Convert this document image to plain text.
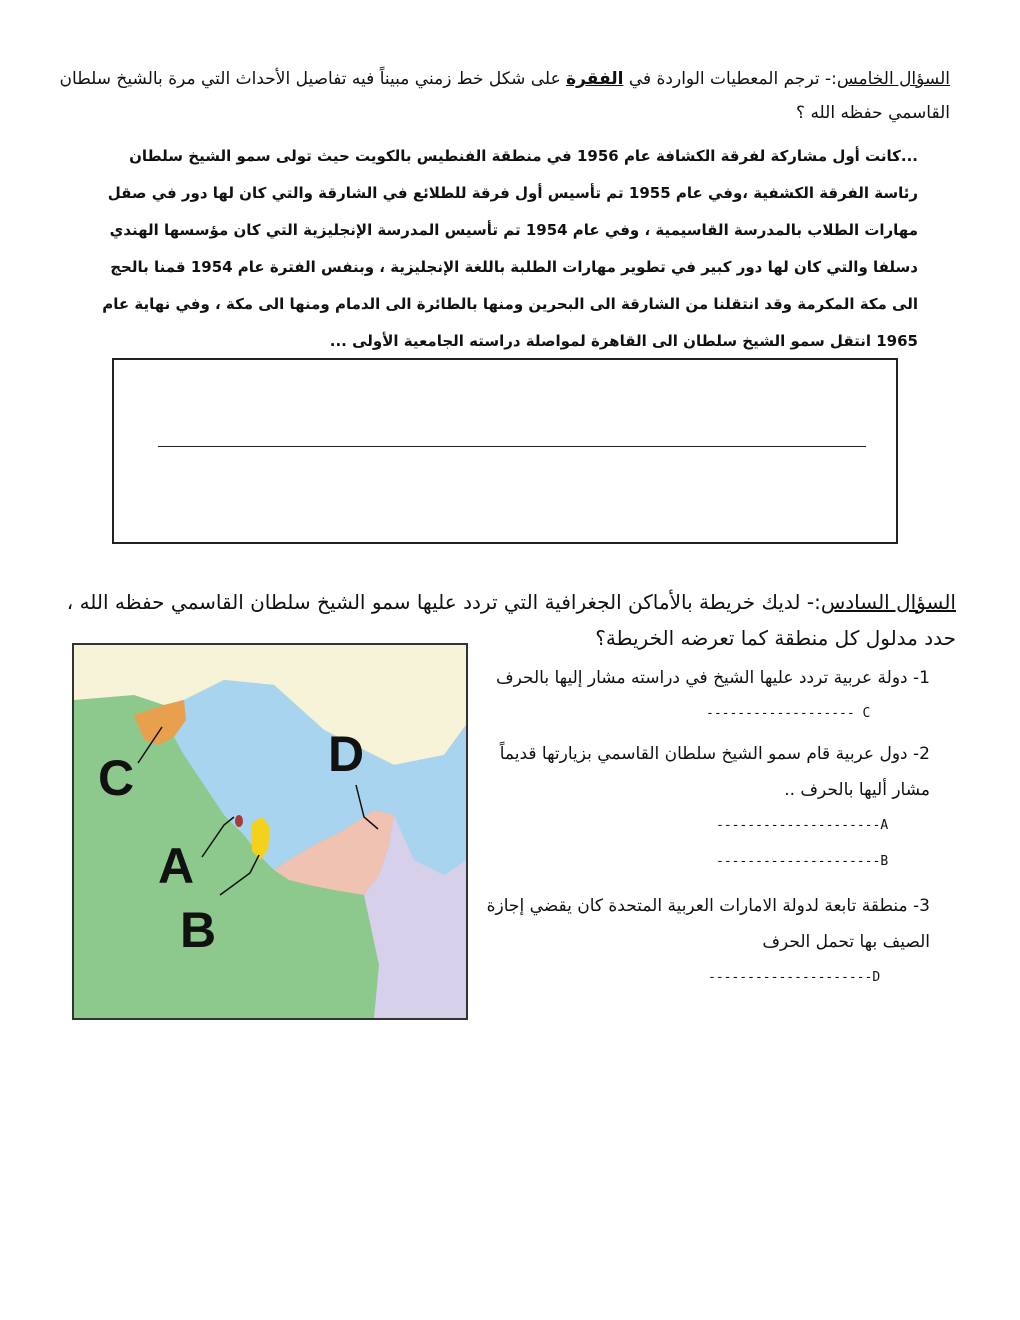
السؤال الخامس:- ترجم المعطيات الواردة في الفقرة على شكل خط زمني مبيناً فيه تفاصيل الأحداث التي مرة بالشيخ سلطان القاسمي حفظه الله ؟
...كانت أول مشاركة لفرقة الكشافة عام 1956 في منطقة الفنطيس بالكويت حيث تولى سمو الشيخ سلطان رئاسة الفرقة الكشفية ،وفي عام 1955 تم تأسيس أول فرقة للطلائع في الشارقة والتي كان لها دور في صقل مهارات الطلاب بالمدرسة القاسيمية ، وفي عام 1954 تم تأسيس المدرسة الإنجليزية التي كان مؤسسها الهندي دسلفا والتي كان لها دور كبير في تطوير مهارات الطلبة باللغة الإنجليزية ، وبنفس الفترة عام 1954 قمنا بالحج الى مكة المكرمة وقد انتقلنا من الشارقة الى البحرين ومنها بالطائرة الى الدمام ومنها الى مكة ، وفي نهاية عام 1965 انتقل سمو الشيخ سلطان الى القاهرة لمواصلة دراسته الجامعية الأولى ...
السؤال السادس:- لديك خريطة بالأماكن الجغرافية التي تردد عليها سمو الشيخ سلطان القاسمي حفظه الله ، حدد مدلول كل منطقة كما تعرضه الخريطة؟
C
A
B
D
1- دولة عربية تردد عليها الشيخ في دراسته مشار إليها بالحرف
------------------- C
2- دول عربية قام سمو الشيخ سلطان القاسمي بزيارتها قديماً مشار أليها بالحرف ..
---------------------A
---------------------B
3- منطقة تابعة لدولة الامارات العربية المتحدة كان يقضي إجازة الصيف بها تحمل الحرف
---------------------D
